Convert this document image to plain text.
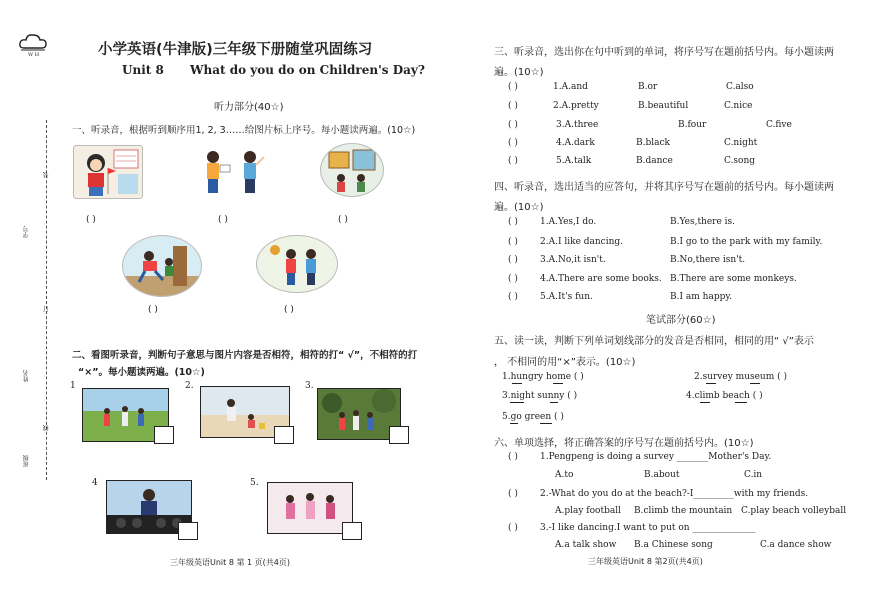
W H	小学英语(牛津版)三年级下册随堂巩固练习
Unit 8 What do you do on Children's Day?
听力部分(40☆)
一、听录音，根据听到顺序用1, 2, 3……给图片标上序号。每小题读两遍。(10☆)
学号
姓名
班级
装
订
线
( )	( )	( )
( )	( )
二、看图听录音，判断句子意思与图片内容是否相符，相符的打“ √”，不相符的打
“×”。每小题读两遍。(10☆)
1	2.	3.
4	5.
三年级英语Unit 8 第 1 页(共4页)
三、听录音，选出你在句中听到的单词，将序号写在题前括号内。每小题读两
遍。(10☆)
( )	1.A.and	B.or	C.also
( )	2.A.pretty	B.beautiful	C.nice
( )	3.A.three	B.four	C.five
( )	4.A.dark	B.black	C.night
( )	5.A.talk	B.dance	C.song
四、听录音，选出适当的应答句，并将其序号写在题前的括号内。每小题读两
遍。(10☆)
( ) 1.A.Yes,I do.	B.Yes,there is.
( ) 2.A.I like dancing.	B.I go to the park with my family.
( ) 3.A.No,it isn't.	B.No,there isn't.
( ) 4.A.There are some books. B.There are some monkeys.
( ) 5.A.It's fun.	B.I am happy.
笔试部分(60☆)
五、读一读，判断下列单词划线部分的发音是否相同，相同的用“ √”表示
， 不相同的用“×”表示。(10☆)
1.hungry home ( )	2.survey museum ( )
3.night sunny ( )	4.climb beach ( )
5.go green ( )
六、单项选择，将正确答案的序号写在题前括号内。(10☆)
( ) 1.Pengpeng is doing a survey _______Mother's Day.
A.to	B.about	C.in
( ) 2.-What do you do at the beach?-I_________with my friends.
A.play football B.climb the mountain C.play beach volleyball
( ) 3.-I like dancing.I want to put on ______________
A.a talk show B.a Chinese song	C.a dance show
三年级英语Unit 8 第2页(共4页)
